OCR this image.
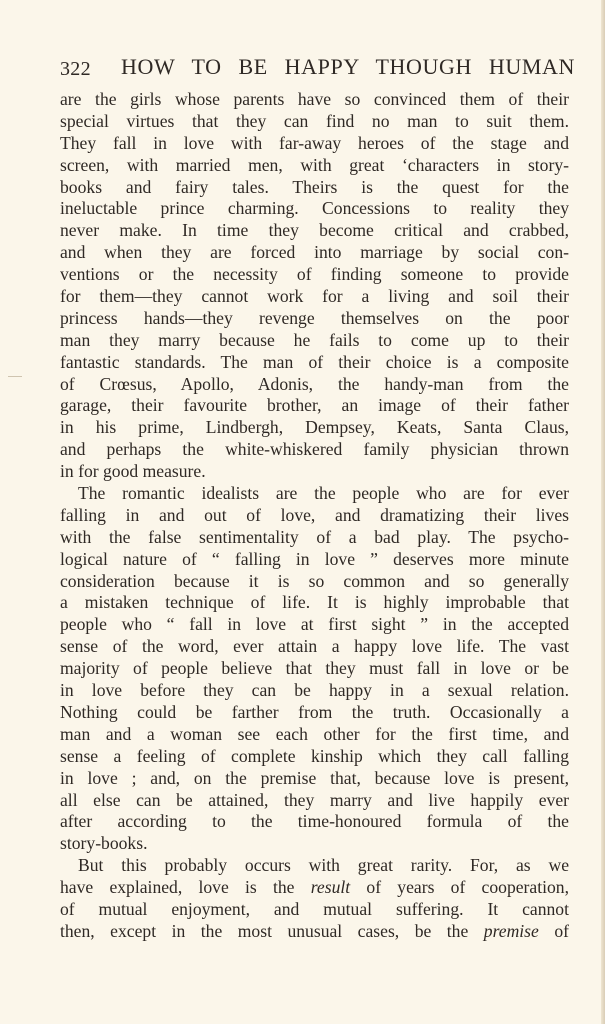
322 HOW TO BE HAPPY THOUGH HUMAN
are the girls whose parents have so convinced them of their
special virtues that they can find no man to suit them.
They fall in love with far-away heroes of the stage and
screen, with married men, with great ‘characters in story-
books and fairy tales. Theirs is the quest for the
ineluctable prince charming. Concessions to reality they
never make. In time they become critical and crabbed,
and when they are forced into marriage by social con-
ventions or the necessity of finding someone to provide
for them—they cannot work for a living and soil their
princess hands—they revenge themselves on the poor
man they marry because he fails to come up to their
fantastic standards. The man of their choice is a composite
of Crœsus, Apollo, Adonis, the handy-man from the
garage, their favourite brother, an image of their father
in his prime, Lindbergh, Dempsey, Keats, Santa Claus,
and perhaps the white-whiskered family physician thrown
in for good measure.
The romantic idealists are the people who are for ever
falling in and out of love, and dramatizing their lives
with the false sentimentality of a bad play. The psycho-
logical nature of “ falling in love ” deserves more minute
consideration because it is so common and so generally
a mistaken technique of life. It is highly improbable that
people who “ fall in love at first sight ” in the accepted
sense of the word, ever attain a happy love life. The vast
majority of people believe that they must fall in love or be
in love before they can be happy in a sexual relation.
Nothing could be farther from the truth. Occasionally a
man and a woman see each other for the first time, and
sense a feeling of complete kinship which they call falling
in love ; and, on the premise that, because love is present,
all else can be attained, they marry and live happily ever
after according to the time-honoured formula of the
story-books.
But this probably occurs with great rarity. For, as we
have explained, love is the result of years of cooperation,
of mutual enjoyment, and mutual suffering. It cannot
then, except in the most unusual cases, be the premise of
